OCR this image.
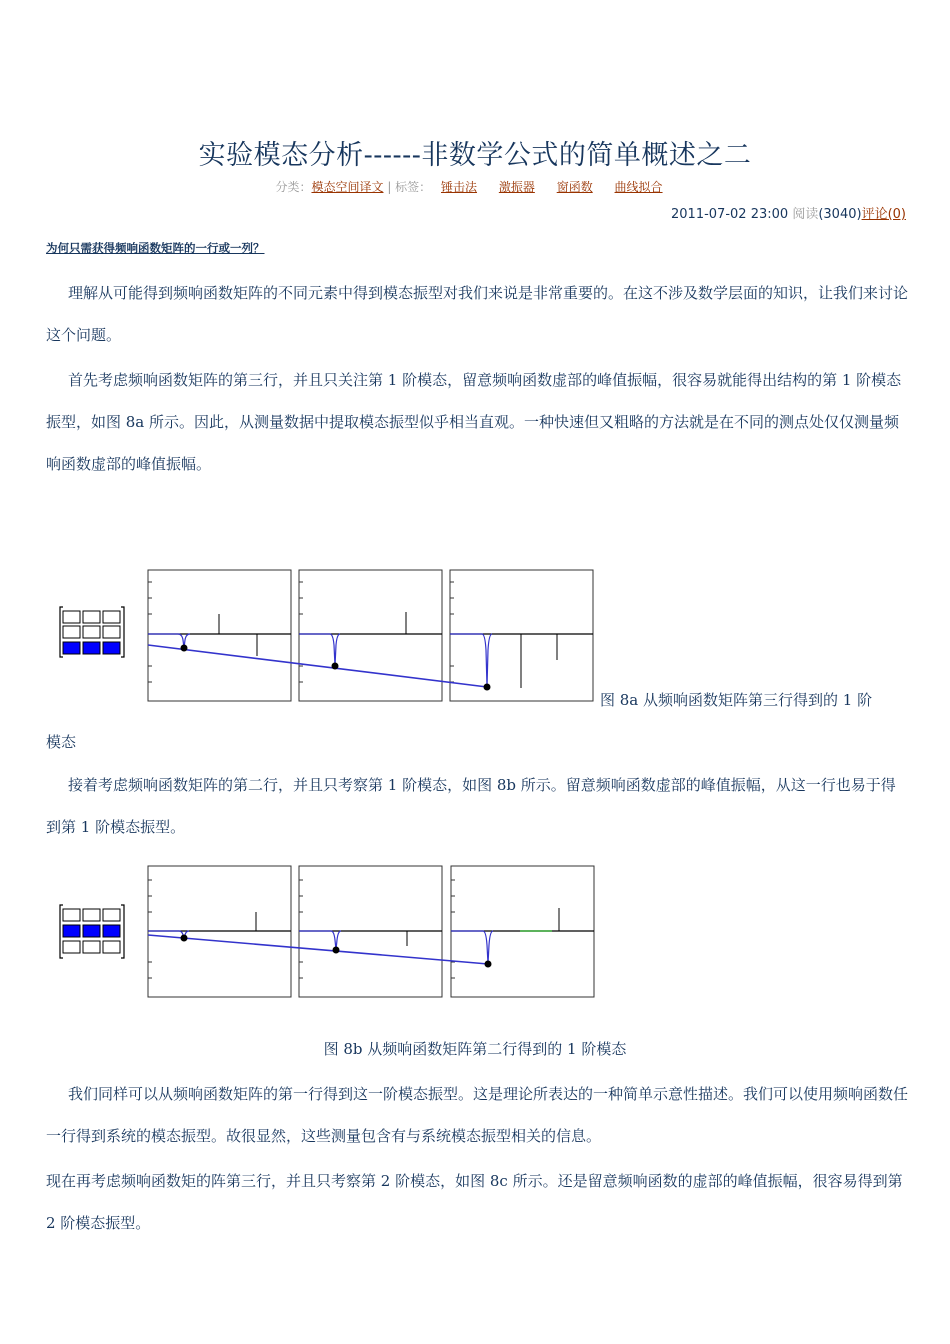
实验模态分析------非数学公式的简单概述之二
分类：模态空间译文 | 标签： 锤击法 激振器 窗函数 曲线拟合
2011-07-02 23:00 阅读(3040)评论(0)
为何只需获得频响函数矩阵的一行或一列？

理解从可能得到频响函数矩阵的不同元素中得到模态振型对我们来说是非常重要的。在这不涉及数学层面的知识，让我们来讨论这个问题。

首先考虑频响函数矩阵的第三行，并且只关注第 1 阶模态，留意频响函数虚部的峰值振幅，很容易就能得出结构的第 1 阶模态振型，如图 8a 所示。因此，从测量数据中提取模态振型似乎相当直观。一种快速但又粗略的方法就是在不同的测点处仅仅测量频响函数虚部的峰值振幅。

图 8a 从频响函数矩阵第三行得到的 1 阶
模态

接着考虑频响函数矩阵的第二行，并且只考察第 1 阶模态，如图 8b 所示。留意频响函数虚部的峰值振幅，从这一行也易于得到第 1 阶模态振型。

图 8b 从频响函数矩阵第二行得到的 1 阶模态

我们同样可以从频响函数矩阵的第一行得到这一阶模态振型。这是理论所表达的一种简单示意性描述。我们可以使用频响函数任一行得到系统的模态振型。故很显然，这些测量包含有与系统模态振型相关的信息。

现在再考虑频响函数矩的阵第三行，并且只考察第 2 阶模态，如图 8c 所示。还是留意频响函数的虚部的峰值振幅，很容易得到第 2 阶模态振型。
